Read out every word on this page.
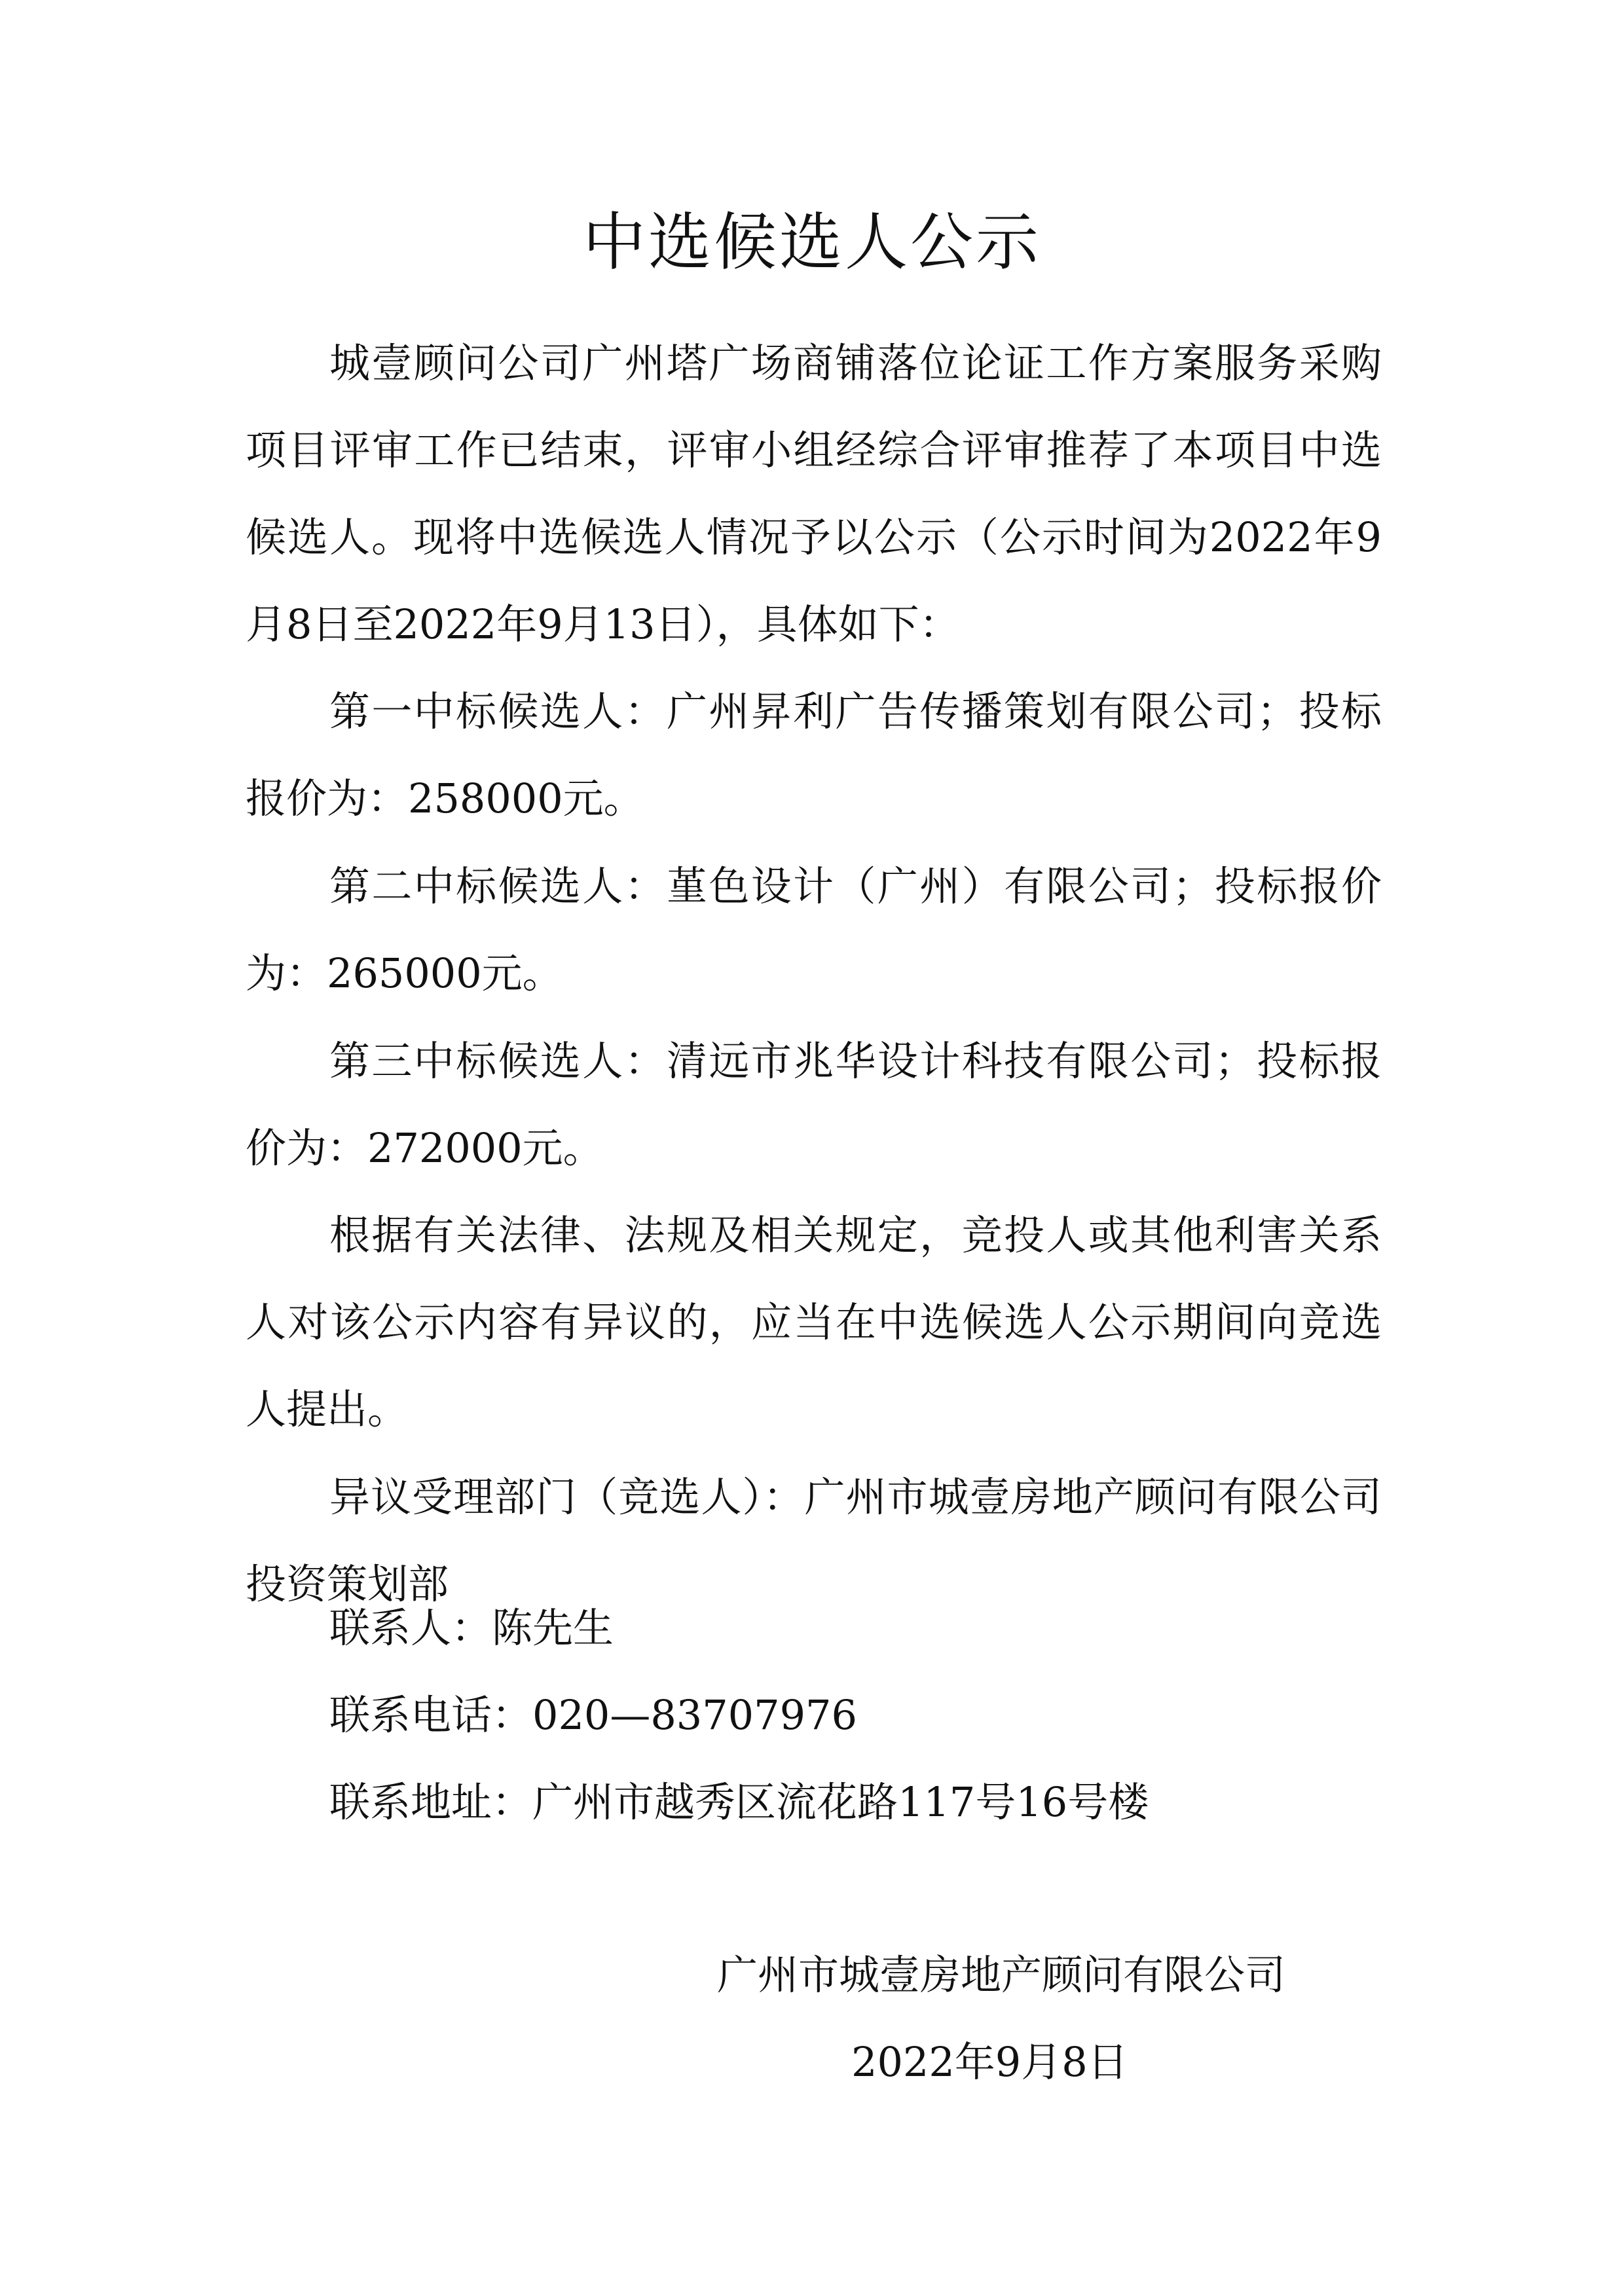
中选候选人公示

城壹顾问公司广州塔广场商铺落位论证工作方案服务采购项目评审工作已结束，评审小组经综合评审推荐了本项目中选候选人。现将中选候选人情况予以公示（公示时间为2022年9月8日至2022年9月13日），具体如下：

第一中标候选人：广州昇利广告传播策划有限公司；投标报价为：258000元。

第二中标候选人：堇色设计（广州）有限公司；投标报价为：265000元。

第三中标候选人：清远市兆华设计科技有限公司；投标报价为：272000元。

根据有关法律、法规及相关规定，竞投人或其他利害关系人对该公示内容有异议的，应当在中选候选人公示期间向竞选人提出。

异议受理部门（竞选人）：广州市城壹房地产顾问有限公司投资策划部

联系人：陈先生

联系电话：020—83707976

联系地址：广州市越秀区流花路117号16号楼

广州市城壹房地产顾问有限公司
2022年9月8日
